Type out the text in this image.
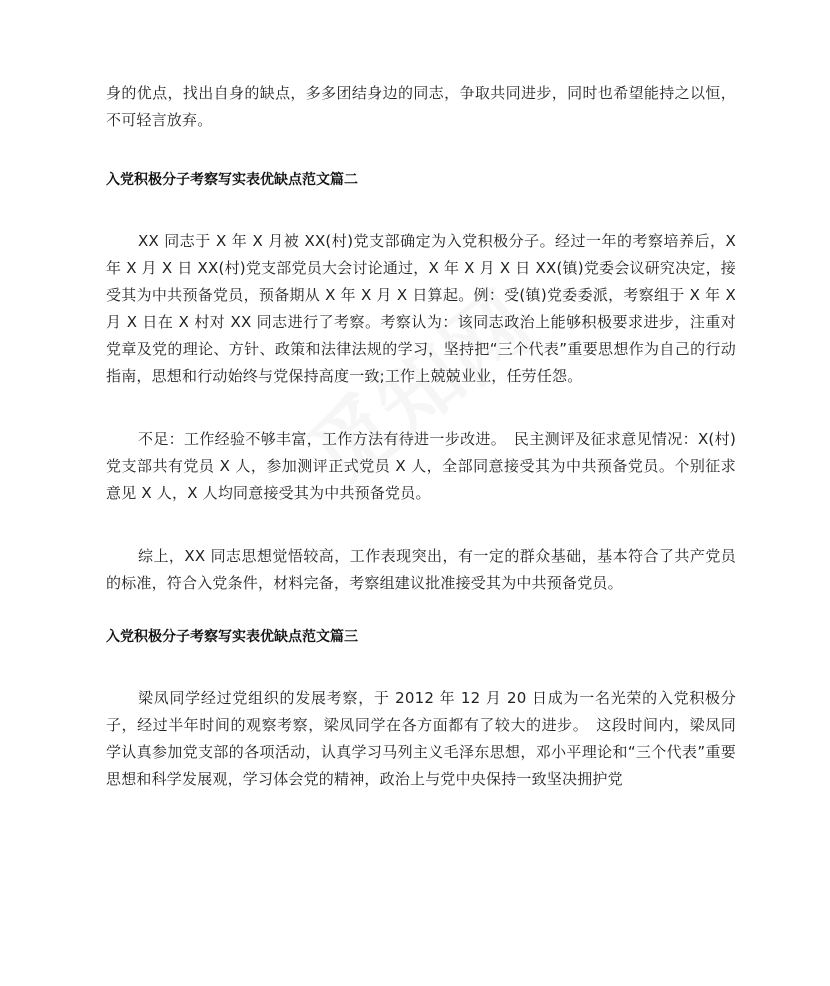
身的优点，找出自身的缺点，多多团结身边的同志，争取共同进步，同时也希望能持之以恒，不可轻言放弃。

入党积极分子考察写实表优缺点范文篇二

XX 同志于 X 年 X 月被 XX(村)党支部确定为入党积极分子。经过一年的考察培养后，X 年 X 月 X 日 XX(村)党支部党员大会讨论通过，X 年 X 月 X 日 XX(镇)党委会议研究决定，接受其为中共预备党员，预备期从 X 年 X 月 X 日算起。例：受(镇)党委委派，考察组于 X 年 X 月 X 日在 X 村对 XX 同志进行了考察。考察认为：该同志政治上能够积极要求进步，注重对党章及党的理论、方针、政策和法律法规的学习，坚持把“三个代表”重要思想作为自己的行动指南，思想和行动始终与党保持高度一致;工作上兢兢业业，任劳任怨。

不足：工作经验不够丰富，工作方法有待进一步改进。　民主测评及征求意见情况：X(村)党支部共有党员 X 人，参加测评正式党员 X 人，全部同意接受其为中共预备党员。个别征求意见 X 人，X 人均同意接受其为中共预备党员。

综上，XX 同志思想觉悟较高，工作表现突出，有一定的群众基础，基本符合了共产党员的标准，符合入党条件，材料完备，考察组建议批准接受其为中共预备党员。

入党积极分子考察写实表优缺点范文篇三

梁凤同学经过党组织的发展考察，于 2012 年 12 月 20 日成为一名光荣的入党积极分子，经过半年时间的观察考察，梁凤同学在各方面都有了较大的进步。　这段时间内，梁凤同学认真参加党支部的各项活动，认真学习马列主义毛泽东思想，邓小平理论和“三个代表”重要思想和科学发展观，学习体会党的精神，政治上与党中央保持一致坚决拥护党
